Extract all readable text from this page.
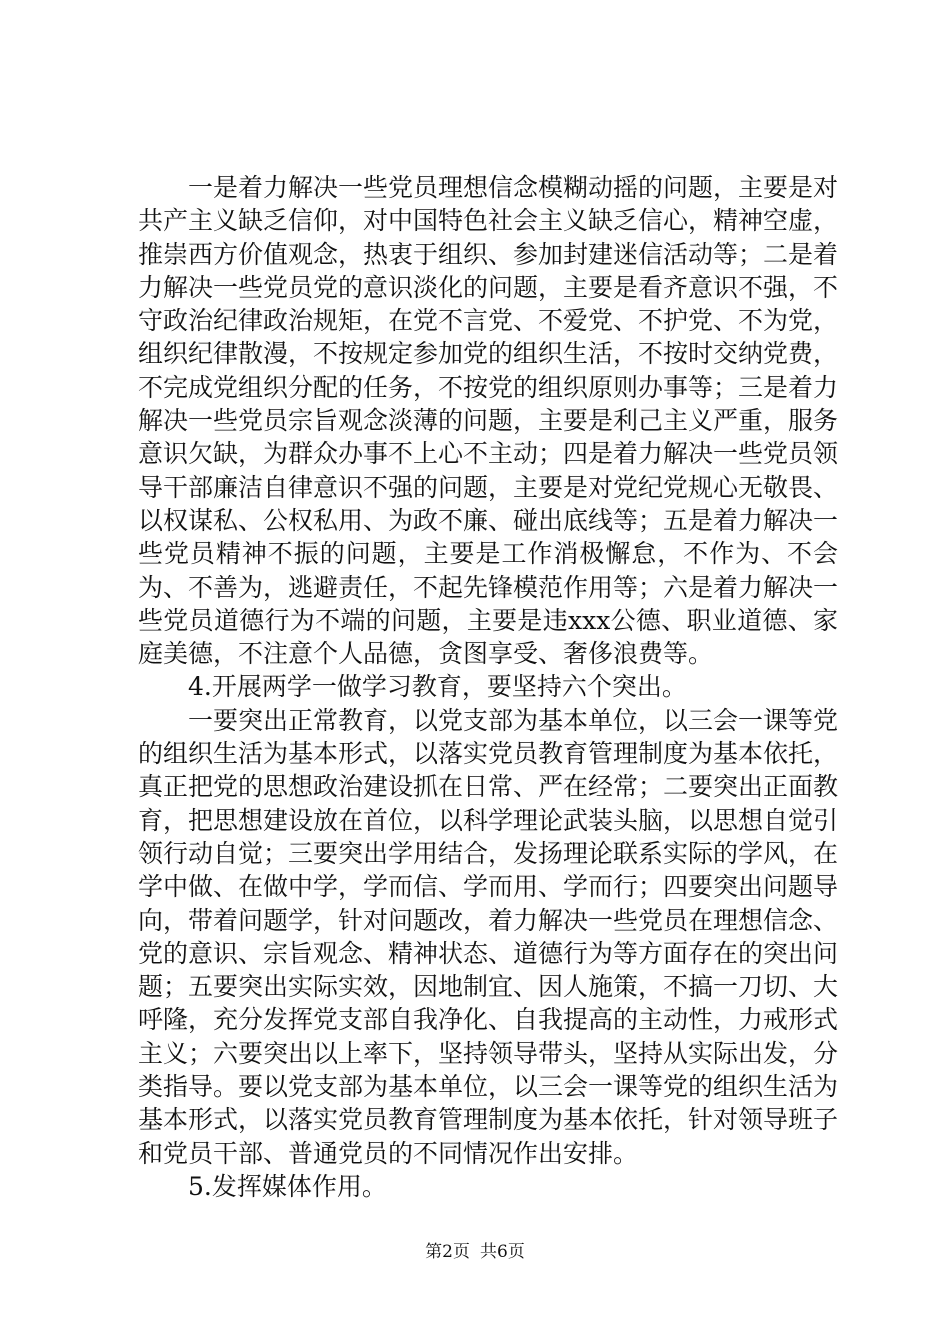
一是着力解决一些党员理想信念模糊动摇的问题，主要是对共产主义缺乏信仰，对中国特色社会主义缺乏信心，精神空虚，推崇西方价值观念，热衷于组织、参加封建迷信活动等；二是着力解决一些党员党的意识淡化的问题，主要是看齐意识不强，不守政治纪律政治规矩，在党不言党、不爱党、不护党、不为党，组织纪律散漫，不按规定参加党的组织生活，不按时交纳党费，不完成党组织分配的任务，不按党的组织原则办事等；三是着力解决一些党员宗旨观念淡薄的问题，主要是利己主义严重，服务意识欠缺，为群众办事不上心不主动；四是着力解决一些党员领导干部廉洁自律意识不强的问题，主要是对党纪党规心无敬畏、以权谋私、公权私用、为政不廉、碰出底线等；五是着力解决一些党员精神不振的问题，主要是工作消极懈怠，不作为、不会为、不善为，逃避责任，不起先锋模范作用等；六是着力解决一些党员道德行为不端的问题，主要是违xxx公德、职业道德、家庭美德，不注意个人品德，贪图享受、奢侈浪费等。

4.开展两学一做学习教育，要坚持六个突出。

一要突出正常教育，以党支部为基本单位，以三会一课等党的组织生活为基本形式，以落实党员教育管理制度为基本依托，真正把党的思想政治建设抓在日常、严在经常；二要突出正面教育，把思想建设放在首位，以科学理论武装头脑，以思想自觉引领行动自觉；三要突出学用结合，发扬理论联系实际的学风，在学中做、在做中学，学而信、学而用、学而行；四要突出问题导向，带着问题学，针对问题改，着力解决一些党员在理想信念、党的意识、宗旨观念、精神状态、道德行为等方面存在的突出问题；五要突出实际实效，因地制宜、因人施策，不搞一刀切、大呼隆，充分发挥党支部自我净化、自我提高的主动性，力戒形式主义；六要突出以上率下，坚持领导带头，坚持从实际出发，分类指导。要以党支部为基本单位，以三会一课等党的组织生活为基本形式，以落实党员教育管理制度为基本依托，针对领导班子和党员干部、普通党员的不同情况作出安排。

5.发挥媒体作用。

第2页 共6页
